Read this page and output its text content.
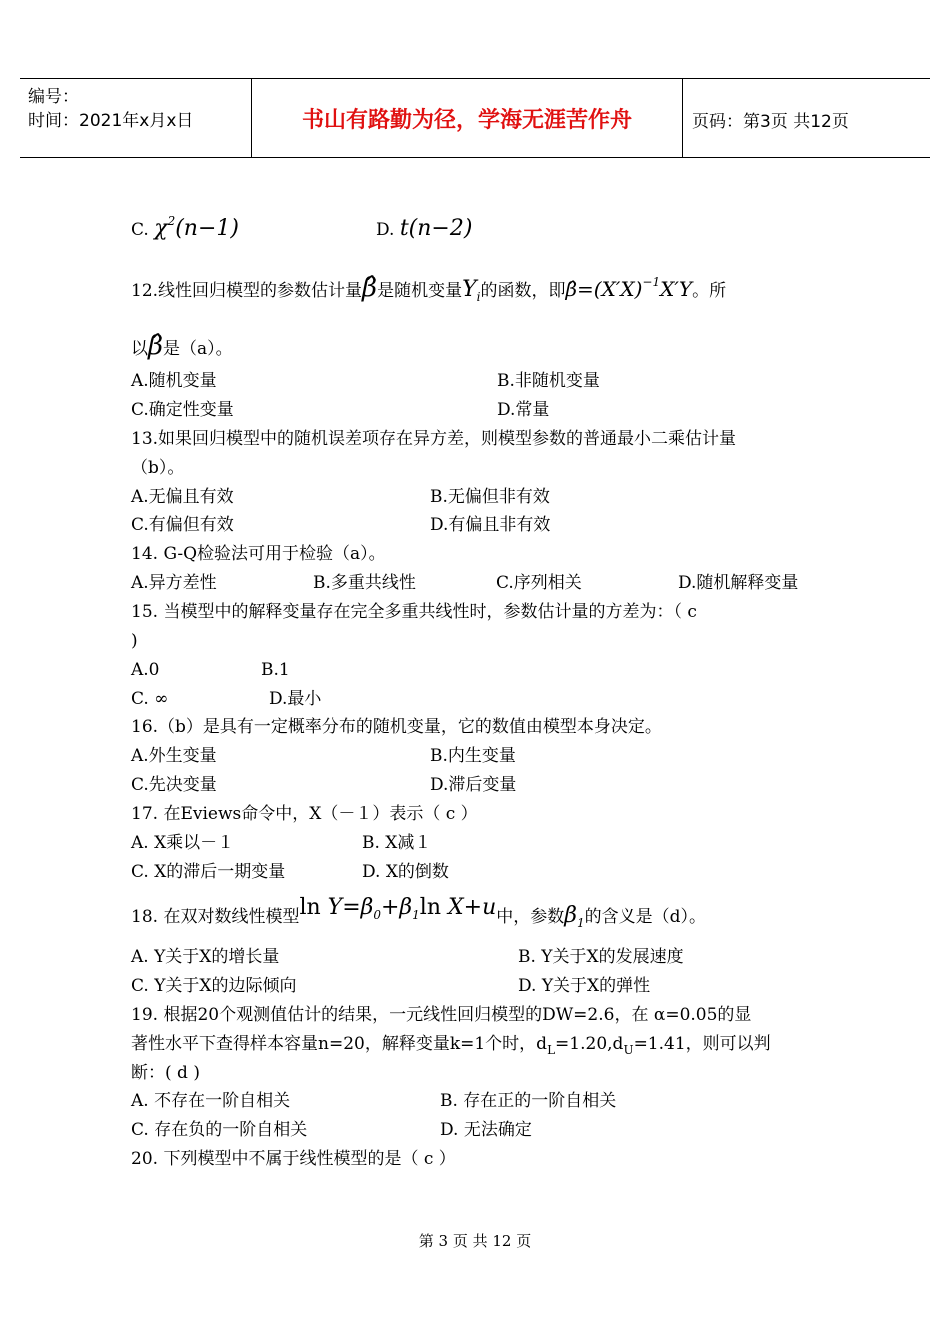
编号：
时间：2021年x月x日	书山有路勤为径，学海无涯苦作舟	页码：第3页 共12页
C. $\chi^2(n-1)$	D. t(n−2)
12.线性回归模型的参数估计量β̂是随机变量$Y_i$的函数，即$\betâ=(X'X)^{-1}X'Y$。所
以β̂是（a）。
A.随机变量	B.非随机变量
C.确定性变量	D.常量
13.如果回归模型中的随机误差项存在异方差，则模型参数的普通最小二乘估计量
（b）。
A.无偏且有效	B.无偏但非有效
C.有偏但有效	D.有偏且非有效
14. G-Q检验法可用于检验（a）。
A.异方差性	B.多重共线性	C.序列相关	D.随机解释变量
15. 当模型中的解释变量存在完全多重共线性时，参数估计量的方差为：（ c
)
A.0	B.1
C. ∞	D.最小
16.（b）是具有一定概率分布的随机变量，它的数值由模型本身决定。
A.外生变量	B.内生变量
C.先决变量	D.滞后变量
17. 在Eviews命令中，X（－１）表示（ c ）
A. X乘以－１	B. X减１
C. X的滞后一期变量	D. X的倒数
18. 在双对数线性模型$\ln Y=\beta_0+\beta_1\ln$ X+u中，参数$\beta_1$的含义是（d）。
A. Y关于X的增长量	B. Y关于X的发展速度
C. Y关于X的边际倾向	D. Y关于X的弹性
19. 根据20个观测值估计的结果，一元线性回归模型的DW=2.6，在 α=0.05的显
著性水平下查得样本容量n=20，解释变量k=1个时，$d_L=1.20,d_U=1.41$，则可以判
断：( d )
A. 不存在一阶自相关	B. 存在正的一阶自相关
C. 存在负的一阶自相关	D. 无法确定
20. 下列模型中不属于线性模型的是（ c ）
第 3 页 共 12 页
